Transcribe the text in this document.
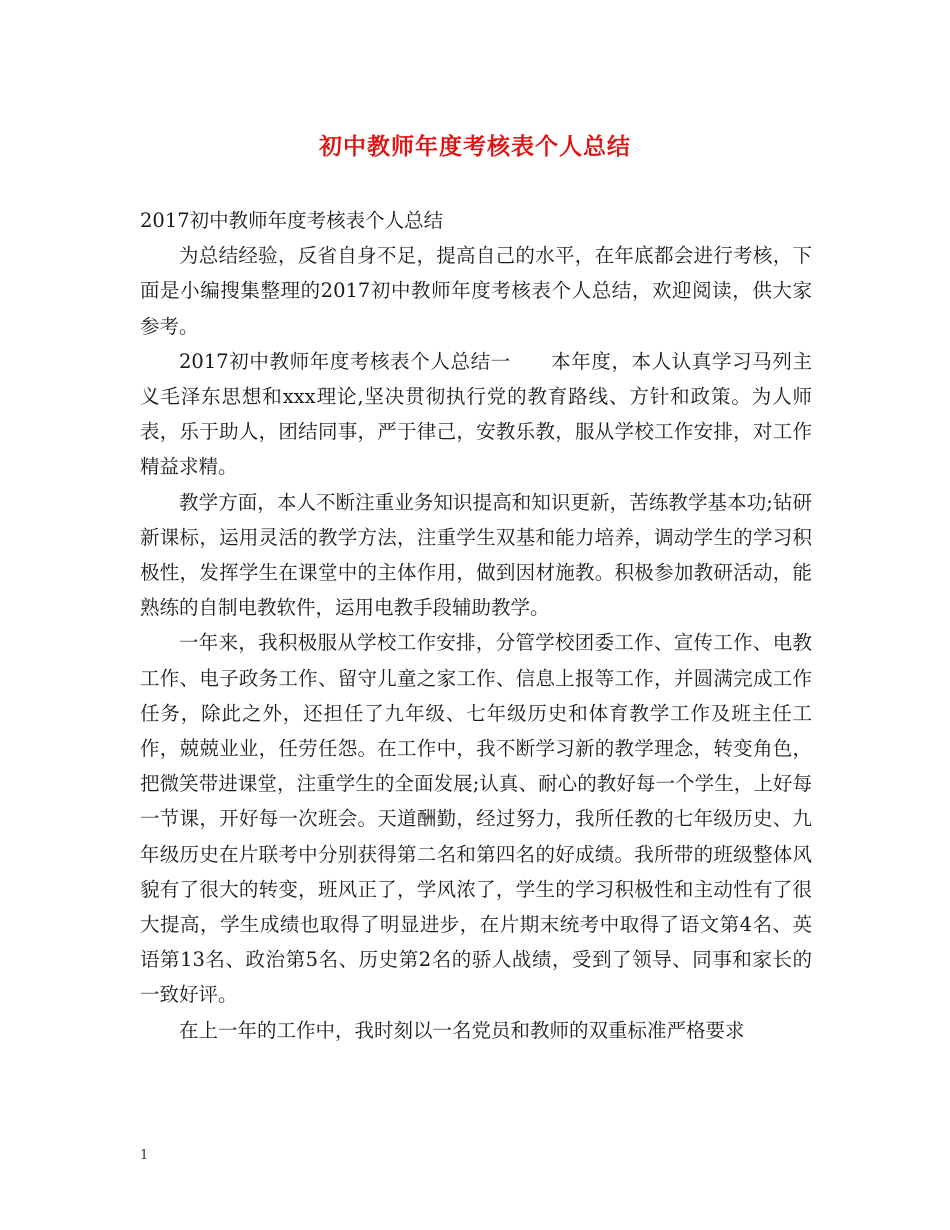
初中教师年度考核表个人总结

2017初中教师年度考核表个人总结

为总结经验，反省自身不足，提高自己的水平，在年底都会进行考核，下面是小编搜集整理的2017初中教师年度考核表个人总结，欢迎阅读，供大家参考。

2017初中教师年度考核表个人总结一　　本年度，本人认真学习马列主义毛泽东思想和xxx理论,坚决贯彻执行党的教育路线、方针和政策。为人师表，乐于助人，团结同事，严于律己，安教乐教，服从学校工作安排，对工作精益求精。

教学方面，本人不断注重业务知识提高和知识更新，苦练教学基本功;钻研新课标，运用灵活的教学方法，注重学生双基和能力培养，调动学生的学习积极性，发挥学生在课堂中的主体作用，做到因材施教。积极参加教研活动，能熟练的自制电教软件，运用电教手段辅助教学。

一年来，我积极服从学校工作安排，分管学校团委工作、宣传工作、电教工作、电子政务工作、留守儿童之家工作、信息上报等工作，并圆满完成工作任务，除此之外，还担任了九年级、七年级历史和体育教学工作及班主任工作，兢兢业业，任劳任怨。在工作中，我不断学习新的教学理念，转变角色，把微笑带进课堂，注重学生的全面发展;认真、耐心的教好每一个学生，上好每一节课，开好每一次班会。天道酬勤，经过努力，我所任教的七年级历史、九年级历史在片联考中分别获得第二名和第四名的好成绩。我所带的班级整体风貌有了很大的转变，班风正了，学风浓了，学生的学习积极性和主动性有了很大提高，学生成绩也取得了明显进步，在片期末统考中取得了语文第4名、英语第13名、政治第5名、历史第2名的骄人战绩，受到了领导、同事和家长的一致好评。

在上一年的工作中，我时刻以一名党员和教师的双重标准严格要求

1
